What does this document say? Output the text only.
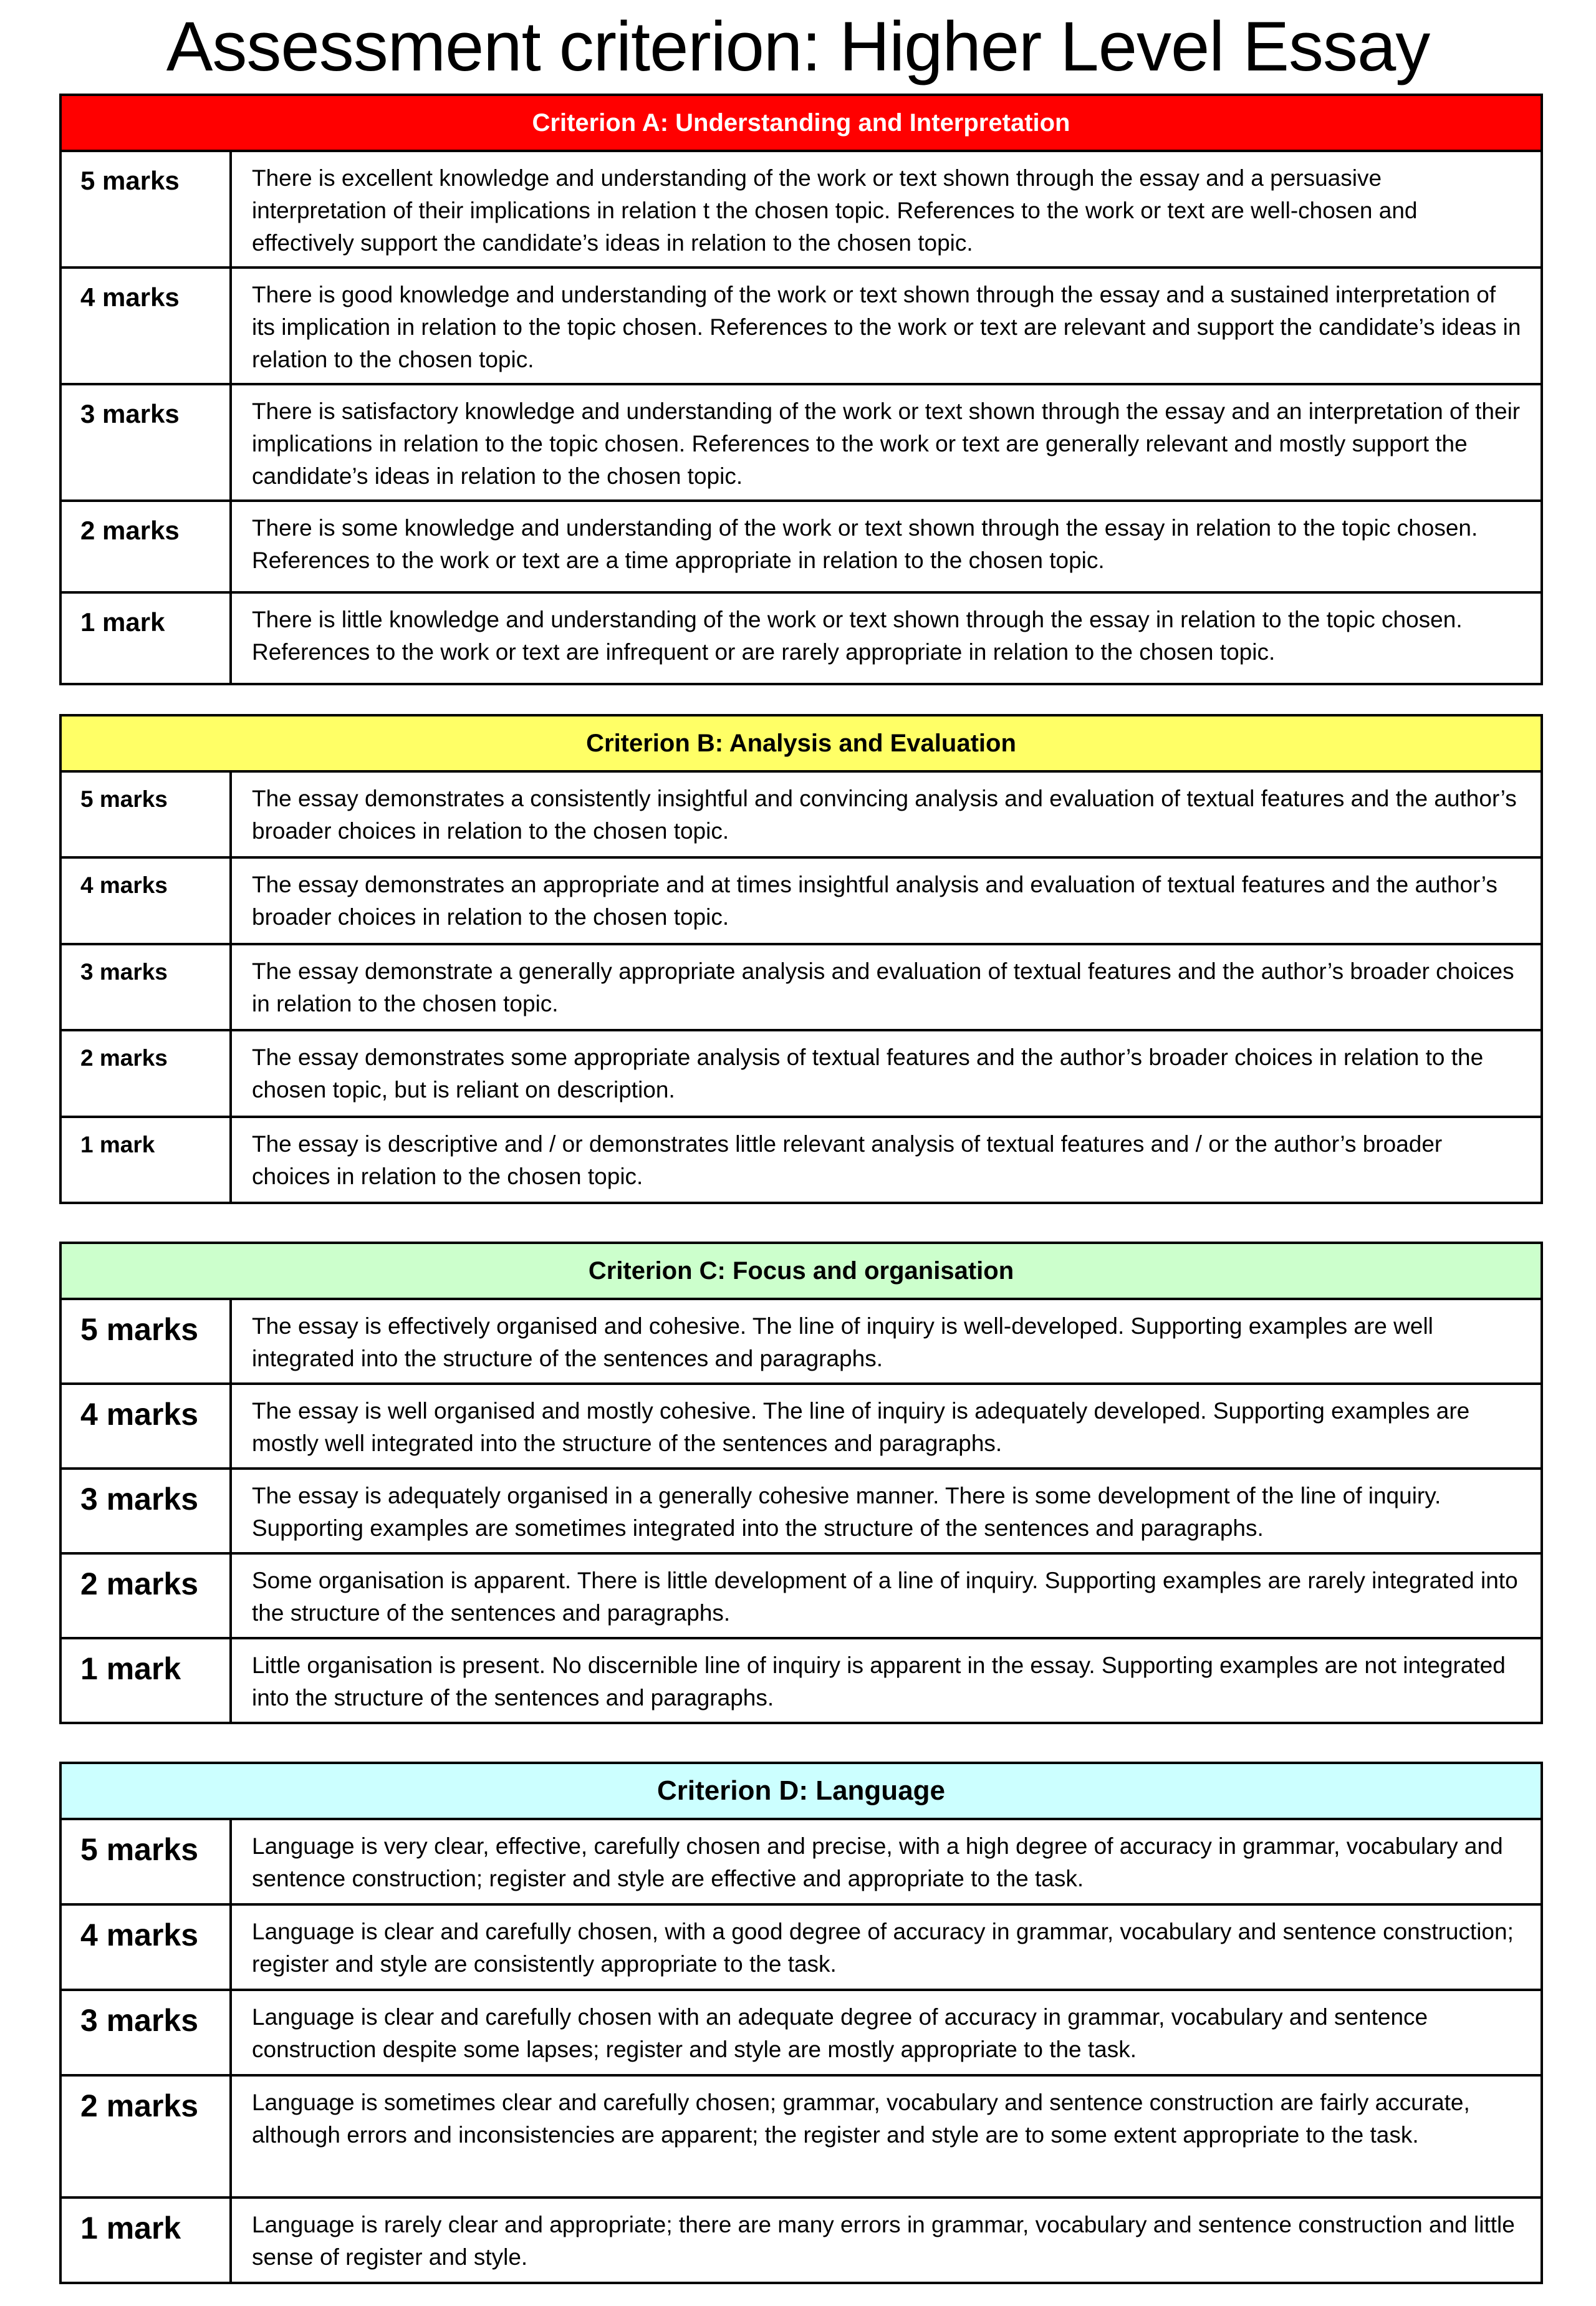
Assessment criterion: Higher Level Essay
Criterion A: Understanding and Interpretation
5 marks	There is excellent knowledge and understanding of the work or text shown through the essay and a persuasive interpretation of their implications in relation t the chosen topic. References to the work or text are well-chosen and effectively support the candidate’s ideas in relation to the chosen topic.
4 marks	There is good knowledge and understanding of the work or text shown through the essay and a sustained interpretation of its implication in relation to the topic chosen. References to the work or text are relevant and support the candidate’s ideas in relation to the chosen topic.
3 marks	There is satisfactory knowledge and understanding of the work or text shown through the essay and an interpretation of their implications in relation to the topic chosen. References to the work or text are generally relevant and mostly support the candidate’s ideas in relation to the chosen topic.
2 marks	There is some knowledge and understanding of the work or text shown through the essay in relation to the topic chosen. References to the work or text are a time appropriate in relation to the chosen topic.
1 mark	There is little knowledge and understanding of the work or text shown through the essay in relation to the topic chosen. References to the work or text are infrequent or are rarely appropriate in relation to the chosen topic.
Criterion B: Analysis and Evaluation
5 marks	The essay demonstrates a consistently insightful and convincing analysis and evaluation of textual features and the author’s broader choices in relation to the chosen topic.
4 marks	The essay demonstrates an appropriate and at times insightful analysis and evaluation of textual features and the author’s broader choices in relation to the chosen topic.
3 marks	The essay demonstrate a generally appropriate analysis and evaluation of textual features and the author’s broader choices in relation to the chosen topic.
2 marks	The essay demonstrates some appropriate analysis of textual features and the author’s broader choices in relation to the chosen topic, but is reliant on description.
1 mark	The essay is descriptive and / or demonstrates little relevant analysis of textual features and / or the author’s broader choices in relation to the chosen topic.
Criterion C: Focus and organisation
5 marks	The essay is effectively organised and cohesive. The line of inquiry is well-developed. Supporting examples are well integrated into the structure of the sentences and paragraphs.
4 marks	The essay is well organised and mostly cohesive. The line of inquiry is adequately developed. Supporting examples are mostly well integrated into the structure of the sentences and paragraphs.
3 marks	The essay is adequately organised in a generally cohesive manner. There is some development of the line of inquiry. Supporting examples are sometimes integrated into the structure of the sentences and paragraphs.
2 marks	Some organisation is apparent. There is little development of a line of inquiry. Supporting examples are rarely integrated into the structure of the sentences and paragraphs.
1 mark	Little organisation is present. No discernible line of inquiry is apparent in the essay. Supporting examples are not integrated into the structure of the sentences and paragraphs.
Criterion D: Language
5 marks	Language is very clear, effective, carefully chosen and precise, with a high degree of accuracy in grammar, vocabulary and sentence construction; register and style are effective and appropriate to the task.
4 marks	Language is clear and carefully chosen, with a good degree of accuracy in grammar, vocabulary and sentence construction; register and style are consistently appropriate to the task.
3 marks	Language is clear and carefully chosen with an adequate degree of accuracy in grammar, vocabulary and sentence construction despite some lapses; register and style are mostly appropriate to the task.
2 marks	Language is sometimes clear and carefully chosen; grammar, vocabulary and sentence construction are fairly accurate, although errors and inconsistencies are apparent; the register and style are to some extent appropriate to the task.
1 mark	Language is rarely clear and appropriate; there are many errors in grammar, vocabulary and sentence construction and little sense of register and style.
